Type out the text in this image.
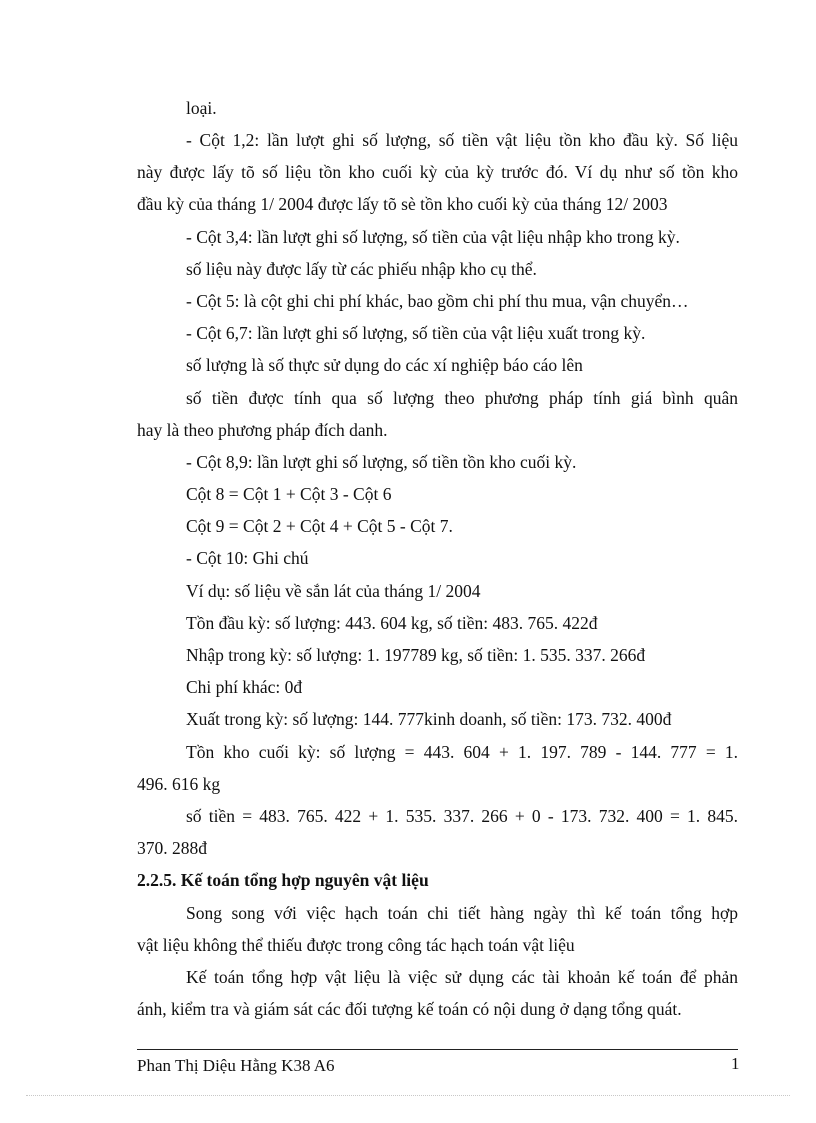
loại.
- Cột 1,2: lần lượt ghi số lượng, số tiền vật liệu tồn kho đầu kỳ. Số liệu
này được lấy tõ số liệu tồn kho cuối kỳ của kỳ trước đó. Ví dụ như số tồn kho
đầu kỳ của tháng 1/ 2004 được lấy tõ sè tồn kho cuối kỳ của tháng 12/ 2003
- Cột 3,4: lần lượt ghi số lượng, số tiền của vật liệu nhập kho trong kỳ.
số liệu này được lấy từ các phiếu nhập kho cụ thể.
- Cột 5: là cột ghi chi phí khác, bao gồm chi phí thu mua, vận chuyển…
- Cột 6,7: lần lượt ghi số lượng, số tiền của vật liệu xuất trong kỳ.
số lượng là số thực sử dụng do các xí nghiệp báo cáo lên
số tiền được tính qua số lượng theo phương pháp tính giá bình quân
hay là theo phương pháp đích danh.
- Cột 8,9: lần lượt ghi số lượng, số tiền tồn kho cuối kỳ.
Cột 8 = Cột 1 + Cột 3 - Cột 6
Cột 9 = Cột 2 + Cột 4 + Cột 5 - Cột 7.
- Cột 10: Ghi chú
Ví dụ: số liệu về sắn lát của tháng 1/ 2004
Tồn đầu kỳ: số lượng: 443. 604 kg, số tiền: 483. 765. 422đ
Nhập trong kỳ: số lượng: 1. 197789 kg, số tiền: 1. 535. 337. 266đ
Chi phí khác: 0đ
Xuất trong kỳ: số lượng: 144. 777kinh doanh, số tiền: 173. 732. 400đ
Tồn kho cuối kỳ: số lượng = 443. 604 + 1. 197. 789 - 144. 777 = 1.
496. 616 kg
số tiền = 483. 765. 422 + 1. 535. 337. 266 + 0 - 173. 732. 400 = 1. 845.
370. 288đ
2.2.5. Kế toán tổng hợp nguyên vật liệu
Song song với việc hạch toán chi tiết hàng ngày thì kế toán tổng hợp
vật liệu không thể thiếu được trong công tác hạch toán vật liệu
Kế toán tổng hợp vật liệu là việc sử dụng các tài khoản kế toán để phản
ánh, kiểm tra và giám sát các đối tượng kế toán có nội dung ở dạng tổng quát.
Phan Thị Diệu Hằng K38 A6	1
